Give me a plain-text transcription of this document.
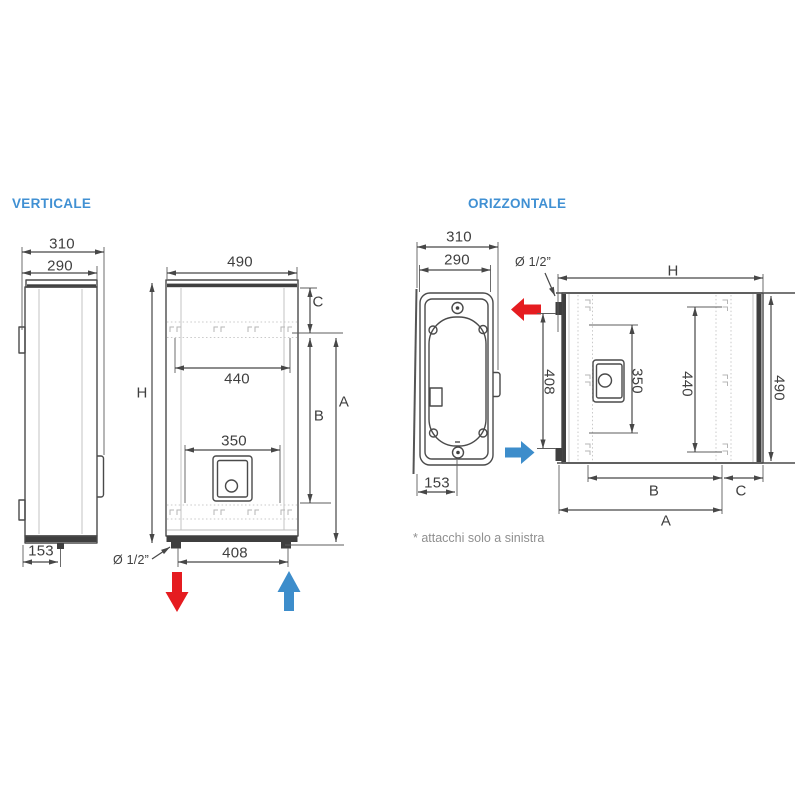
VERTICALE	ORIZZONTALE
310
290
153
490
440
350
408
H
C
B
A
Ø 1/2”
310
290
153
Ø 1/2”
H
408	350 440	490
B	C
A
* attacchi solo a sinistra
